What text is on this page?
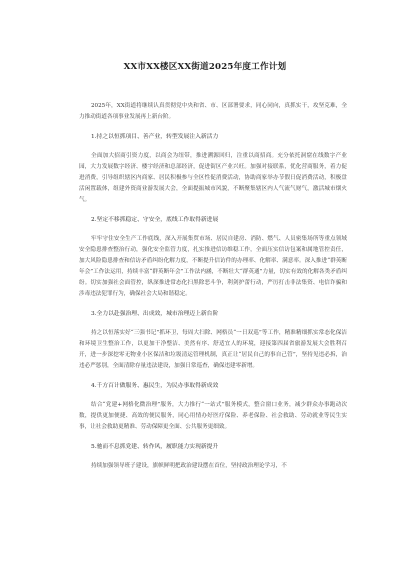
XX市XX楼区XX街道2025年度工作计划

2025年，XX街道将继续认真贯彻党中央和省、市、区部署要求，同心同向，真抓实干，攻坚克难，全力推动街道各项事业发展再上新台阶。

1.持之以恒抓项目、善产业，转型发展注入新活力

全面加大招商引资力度，以商会为纽带，推进溯源回归，注重以商招商。充分依托洞窟在线数字产业园，大力发展数字经济、楼宇经济和总部经济，促进街区产业兴旺。加强对接联系，优化营商服务，着力促进消费，引导组织辖区内商家、居民积极参与全区性促消费活动，协助商家举办节假日促消费活动，积极盘活闲置载体，组建外资商业游发展大会，全面提振城市风貌，不断聚集辖区内人气流气财气，激活城市烟火气。

2.坚定不移抓稳定、守安全，底线工作取得新进展

牢牢守住安全生产工作底线，深入开展集贸市场、居民自建房、消防、燃气、人员密集场所等重点领域安全隐患排查整治行动，强化安全监管力度，扎实推进信访维稳工作，全面压实信访包案和属地管控责任，加大风险隐患排查和信访矛盾纠纷化解力度，不断提升信访件的办理率、化解率、满意率。深入推进“群英断年会”工作法运用，持续丰富“群英断年会”工作法内涵，不断壮大“群英通”力量，切实有效的化解各类矛盾纠纷。切实加强社会面管控，纵深推进常态化扫黑除恶斗争，利剑护蕾行动，严厉打击非法集资、电信诈骗和涉毒违法犯罪行为，确保社会大局和谐稳定。

3.全力以赴强治理、出成效，城市治理迈上新台阶

持之以恒落实好“三强书记”抓环卫，每周大扫除、网格员“一日双巡”等工作，精准精细抓实常态化保洁和环境卫生整治工作，以更加干净整洁、美然有序、舒适宜人的环境，迎接第四届省旅游发展大会胜利召开，进一步深挖零无物业小区保洁和垃圾清运管理机制，真正让“居民自己的事自己管”，坚持见违必拆，治违必严惩别，全面清除存量违法建设，加强日常巡查，确保违建零新增。

4.千方百计做服务、惠民生，为民办事取得新成效

结合“党建+网格化微治理”服务，大力推行“一站式”服务模式，整合窗口业务，减少群众办事跑动次数，提供更加便捷、高效的便民服务，同心用情办好医疗保险、养老保险、社会救助、劳动就业等民生实事，让社会救助更精准、劳动保障更全面、公共服务更细致。

5.驰而不息抓党建、转作风，履职能力实现新提升

持续加强领导班子建设，旗帜鲜明把政治建设摆在首位，坚持政治理论学习，不
